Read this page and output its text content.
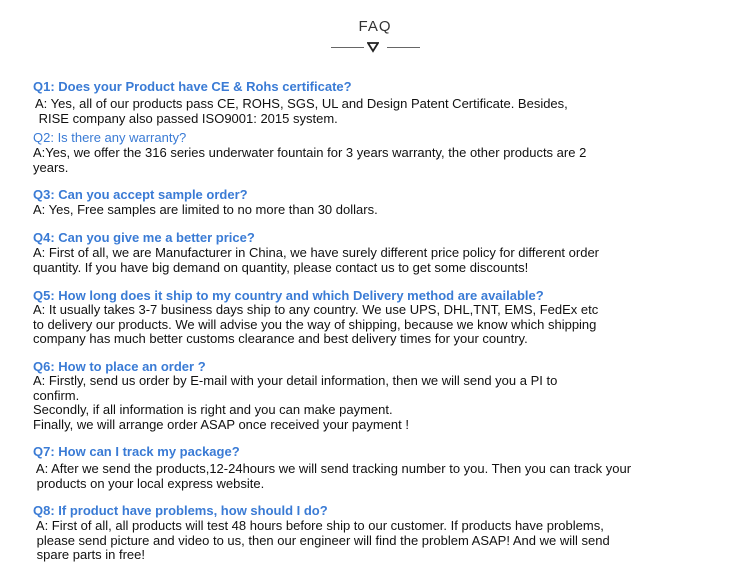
FAQ
Q1: Does your Product have CE & Rohs certificate?

A: Yes, all of our products pass CE, ROHS, SGS, UL and Design Patent Certificate. Besides,

RISE company also passed ISO9001: 2015 system.

Q2: Is there any warranty?

A:Yes, we offer the 316 series underwater fountain for 3 years warranty, the other products are 2

years.

Q3: Can you accept sample order?

A: Yes, Free samples are limited to no more than 30 dollars.

Q4: Can you give me a better price?

A: First of all, we are Manufacturer in China, we have surely different price policy for different order

quantity. If you have big demand on quantity, please contact us to get some discounts!

Q5: How long does it ship to my country and which Delivery method are available?

A: It usually takes 3-7 business days ship to any country. We use UPS, DHL,TNT, EMS, FedEx etc

to delivery our products. We will advise you the way of shipping, because we know which shipping

company has much better customs clearance and best delivery times for your country.

Q6: How to place an order ?

A: Firstly, send us order by E-mail with your detail information, then we will send you a PI to

confirm.

Secondly, if all information is right and you can make payment.

Finally, we will arrange order ASAP once received your payment !

Q7: How can I track my package?

A: After we send the products,12-24hours we will send tracking number to you. Then you can track your

products on your local express website.

Q8: If product have problems, how should I do?

A: First of all, all products will test 48 hours before ship to our customer. If products have problems,

please send picture and video to us, then our engineer will find the problem ASAP! And we will send

spare parts in free!
